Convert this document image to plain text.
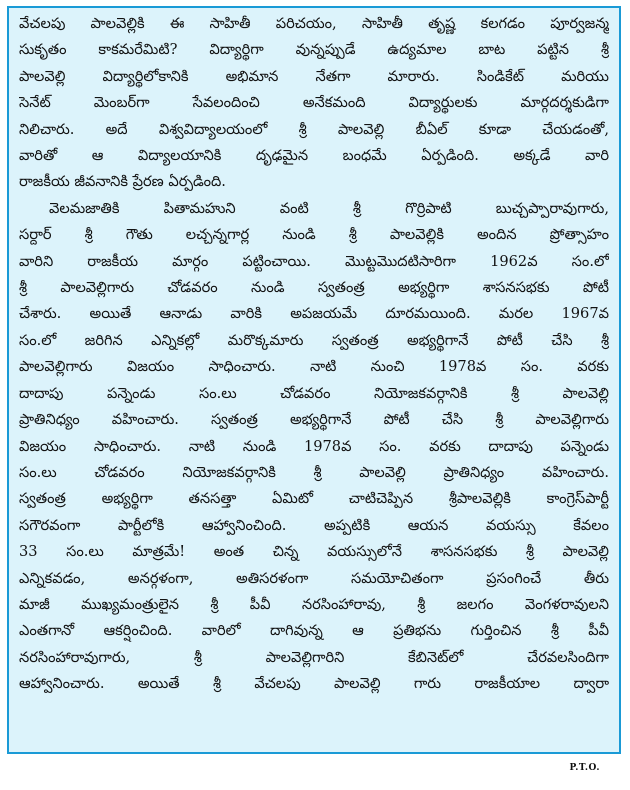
వేచలపు పాలవెల్లికి ఈ సాహితీ పరిచయం, సాహితీ తృష్ణ కలగడం పూర్వజన్మ
సుకృతం కాకమరేమిటి? విద్యార్థిగా వున్నప్పుడే ఉద్యమాల బాట పట్టిన శ్రీ
పాలవెల్లి విద్యార్థిలోకానికి అభిమాన నేతగా మారారు. సిండికేట్ మరియు
సెనేట్ మెంబర్‌గా సేవలందించి అనేకమంది విద్యార్థులకు మార్గదర్శకుడిగా
నిలిచారు. అదే విశ్వవిద్యాలయంలో శ్రీ పాలవెల్లి బీఏల్ కూడా చేయడంతో,
వారితో ఆ విద్యాలయానికి దృఢమైన బంధమే ఏర్పడింది. అక్కడే వారి
రాజకీయ జీవనానికి ప్రేరణ ఏర్పడింది.

వెలమజాతికి పితామహుని వంటి శ్రీ గొర్రిపాటి బుచ్చప్పారావుగారు,
సర్దార్ శ్రీ గౌతు లచ్చన్నగార్ల నుండి శ్రీ పాలవెల్లికి అందిన ప్రోత్సాహం
వారిని రాజకీయ మార్గం పట్టించాయి. మొట్టమొదటిసారిగా 1962వ సం.లో
శ్రీ పాలవెల్లిగారు చోడవరం నుండి స్వతంత్ర అభ్యర్థిగా శాసనసభకు పోటీ
చేశారు. అయితే ఆనాడు వారికి అపజయమే దూరమయింది. మరల 1967వ
సం.లో జరిగిన ఎన్నికల్లో మరొక్కమారు స్వతంత్ర అభ్యర్థిగానే పోటీ చేసి శ్రీ
పాలవెల్లిగారు విజయం సాధించారు. నాటి నుంచి 1978వ సం. వరకు
దాదాపు పన్నెండు సం.లు చోడవరం నియోజకవర్గానికి శ్రీ పాలవెల్లి
ప్రాతినిధ్యం వహించారు. స్వతంత్ర అభ్యర్థిగానే పోటీ చేసి శ్రీ పాలవెల్లిగారు
విజయం సాధించారు. నాటి నుండి 1978వ సం. వరకు దాదాపు పన్నెండు
సం.లు చోడవరం నియోజకవర్గానికి శ్రీ పాలవెల్లి ప్రాతినిధ్యం వహించారు.
స్వతంత్ర అభ్యర్థిగా తనసత్తా ఏమిటో చాటిచెప్పిన శ్రీపాలవెల్లికి కాంగ్రెస్‌పార్టీ
సగౌరవంగా పార్టీలోకి ఆహ్వానించింది. అప్పటికి ఆయన వయస్సు కేవలం
33 సం.లు మాత్రమే! అంత చిన్న వయస్సులోనే శాసనసభకు శ్రీ పాలవెల్లి
ఎన్నికవడం, అనర్గళంగా, అతిసరళంగా సమయోచితంగా ప్రసంగించే తీరు
మాజీ ముఖ్యమంత్రులైన శ్రీ పీవీ నరసింహారావు, శ్రీ జలగం వెంగళరావులని
ఎంతగానో ఆకర్షించింది. వారిలో దాగివున్న ఆ ప్రతిభను గుర్తించిన శ్రీ పీవీ
నరసింహారావుగారు, శ్రీ పాలవెల్లిగారిని కేబినెట్‌లో చేరవలసిందిగా
ఆహ్వానించారు. అయితే శ్రీ వేచలపు పాలవెల్లి గారు రాజకీయాల ద్వారా

P.T.O.
